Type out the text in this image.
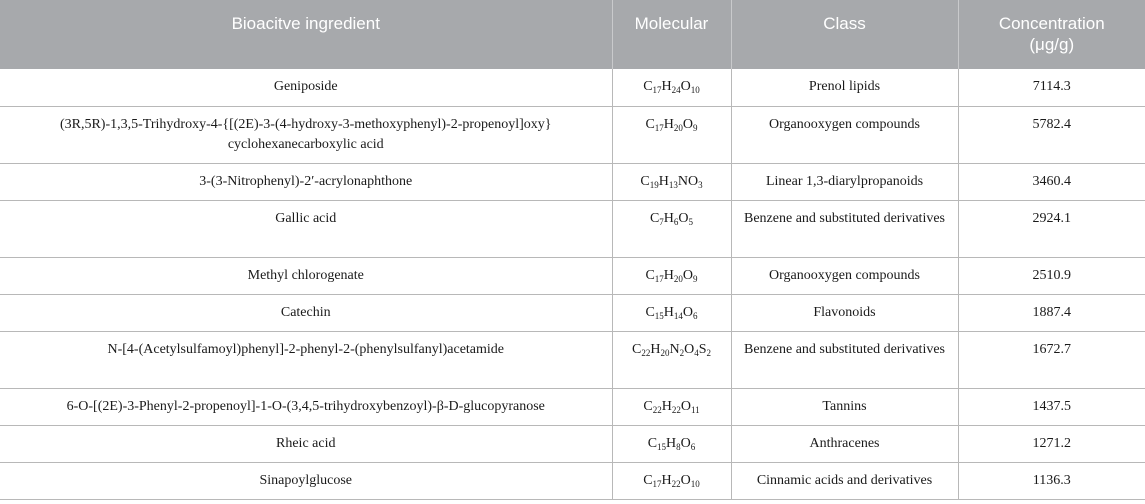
Bioacitve ingredient	Molecular	Class	Concentration
(μg/g)
Geniposide	$C_{17}H_{24}O_{10}$	Prenol lipids	7114.3
(3R,5R)-1,3,5-Trihydroxy-4-{[(2E)-3-(4-hydroxy-3-methoxyphenyl)-2-propenoyl]oxy} cyclohexanecarboxylic acid	$C_{17}H_{20}O_9$	Organooxygen compounds	5782.4
3-(3-Nitrophenyl)-2′-acrylonaphthone	$C_{19}H_{13}NO_3$	Linear 1,3-diarylpropanoids	3460.4
Gallic acid	$C_7H_6O_5$	Benzene and substituted derivatives	2924.1
Methyl chlorogenate	$C_{17}H_{20}O_9$	Organooxygen compounds	2510.9
Catechin	$C_{15}H_{14}O_6$	Flavonoids	1887.4
N-[4-(Acetylsulfamoyl)phenyl]-2-phenyl-2-(phenylsulfanyl)acetamide	$C_{22}H_{20}N_2O_4S_2$	Benzene and substituted derivatives	1672.7
6-O-[(2E)-3-Phenyl-2-propenoyl]-1-O-(3,4,5-trihydroxybenzoyl)-β-D-glucopyranose	$C_{22}H_{22}O_{11}$	Tannins	1437.5
Rheic acid	$C_{15}H_8O_6$	Anthracenes	1271.2
Sinapoylglucose	$C_{17}H_{22}O_{10}$	Cinnamic acids and derivatives	1136.3
